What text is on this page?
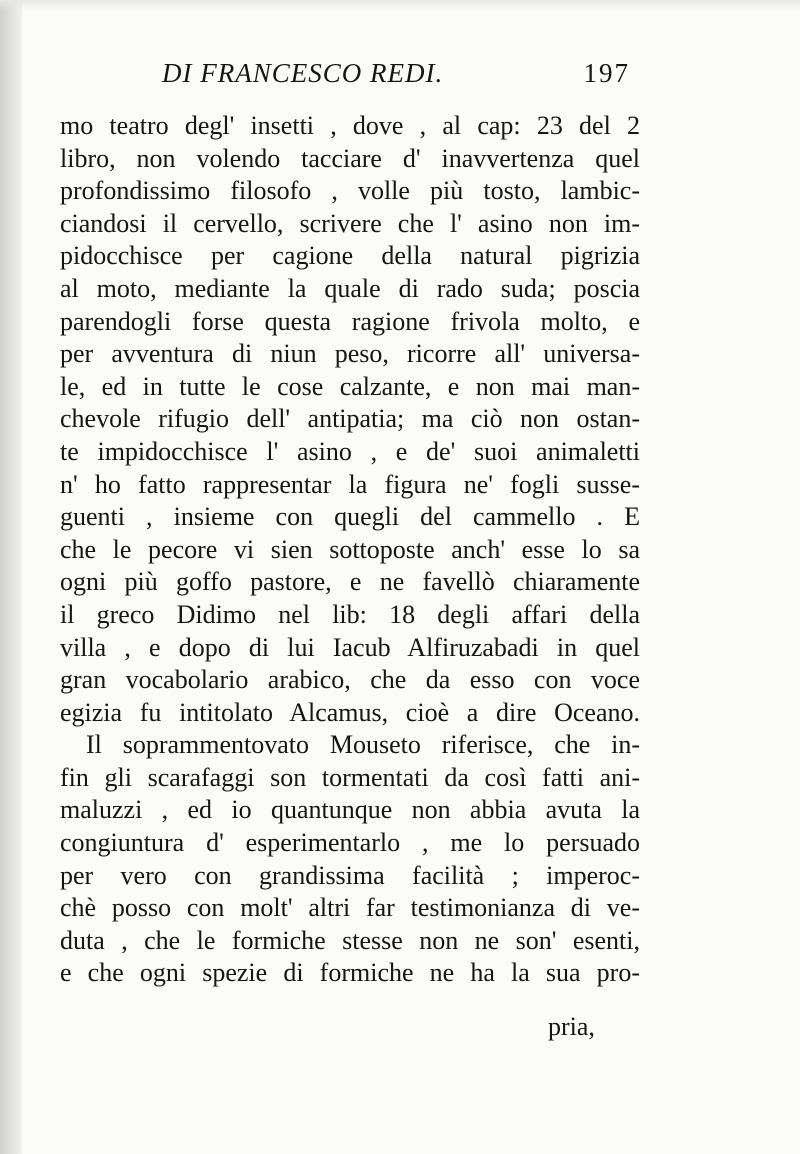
DI FRANCESCO REDI.	197
mo teatro degl' insetti , dove , al cap: 23 del 2
libro, non volendo tacciare d' inavvertenza quel
profondissimo filosofo , volle più tosto, lambic-
ciandosi il cervello, scrivere che l' asino non im-
pidocchisce per cagione della natural pigrizia
al moto, mediante la quale di rado suda; poscia
parendogli forse questa ragione frivola molto, e
per avventura di niun peso, ricorre all' universa-
le, ed in tutte le cose calzante, e non mai man-
chevole rifugio dell' antipatia; ma ciò non ostan-
te impidocchisce l' asino , e de' suoi animaletti
n' ho fatto rappresentar la figura ne' fogli susse-
guenti , insieme con quegli del cammello . E
che le pecore vi sien sottoposte anch' esse lo sa
ogni più goffo pastore, e ne favellò chiaramente
il greco Didimo nel lib: 18 degli affari della
villa , e dopo di lui Iacub Alfiruzabadi in quel
gran vocabolario arabico, che da esso con voce
egizia fu intitolato Alcamus, cioè a dire Oceano.
Il soprammentovato Mouseto riferisce, che in-
fin gli scarafaggi son tormentati da così fatti ani-
maluzzi , ed io quantunque non abbia avuta la
congiuntura d' esperimentarlo , me lo persuado
per vero con grandissima facilità ; imperoc-
chè posso con molt' altri far testimonianza di ve-
duta , che le formiche stesse non ne son' esenti,
e che ogni spezie di formiche ne ha la sua pro-
pria,
